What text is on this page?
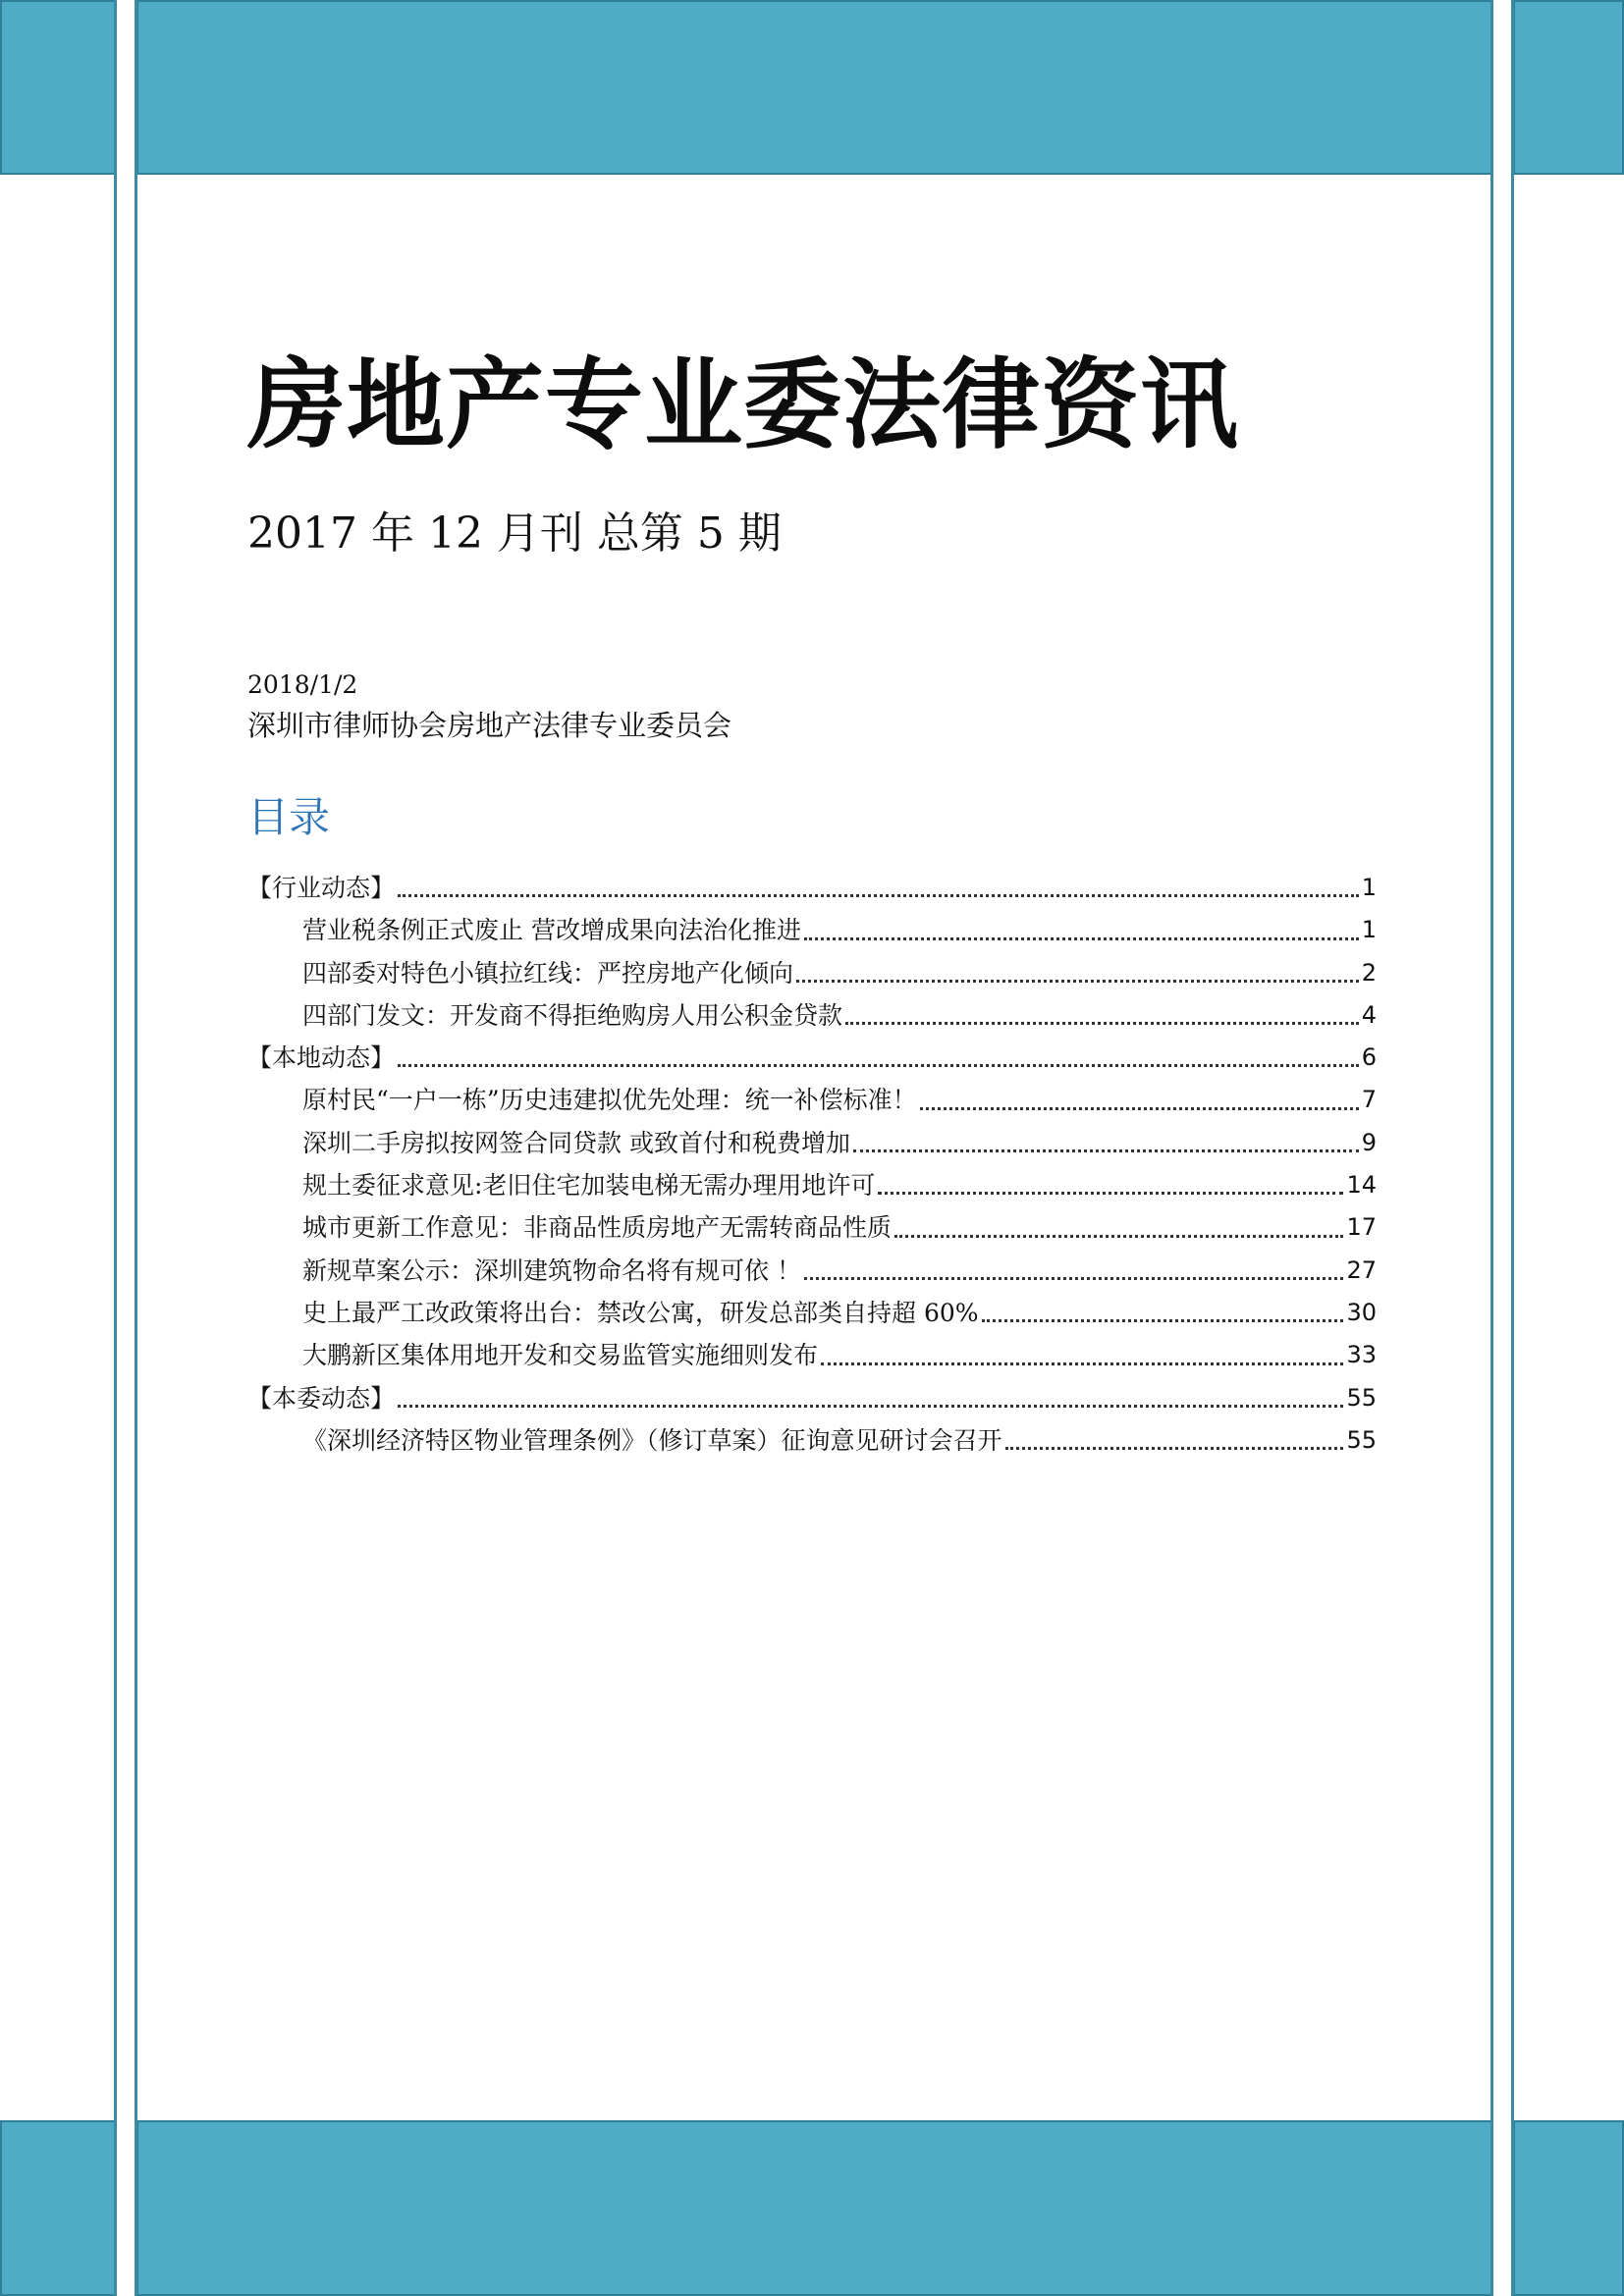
房地产专业委法律资讯
2017 年 12 月刊 总第 5 期
2018/1/2
深圳市律师协会房地产法律专业委员会
目录
【行业动态】	1
营业税条例正式废止 营改增成果向法治化推进	1
四部委对特色小镇拉红线：严控房地产化倾向	2
四部门发文：开发商不得拒绝购房人用公积金贷款	4
【本地动态】	6
原村民“一户一栋”历史违建拟优先处理：统一补偿标准！	7
深圳二手房拟按网签合同贷款 或致首付和税费增加	9
规土委征求意见:老旧住宅加装电梯无需办理用地许可	14
城市更新工作意见：非商品性质房地产无需转商品性质	17
新规草案公示：深圳建筑物命名将有规可依 ！	27
史上最严工改政策将出台：禁改公寓，研发总部类自持超 60%	30
大鹏新区集体用地开发和交易监管实施细则发布	33
【本委动态】	55
《深圳经济特区物业管理条例》（修订草案）征询意见研讨会召开	55
